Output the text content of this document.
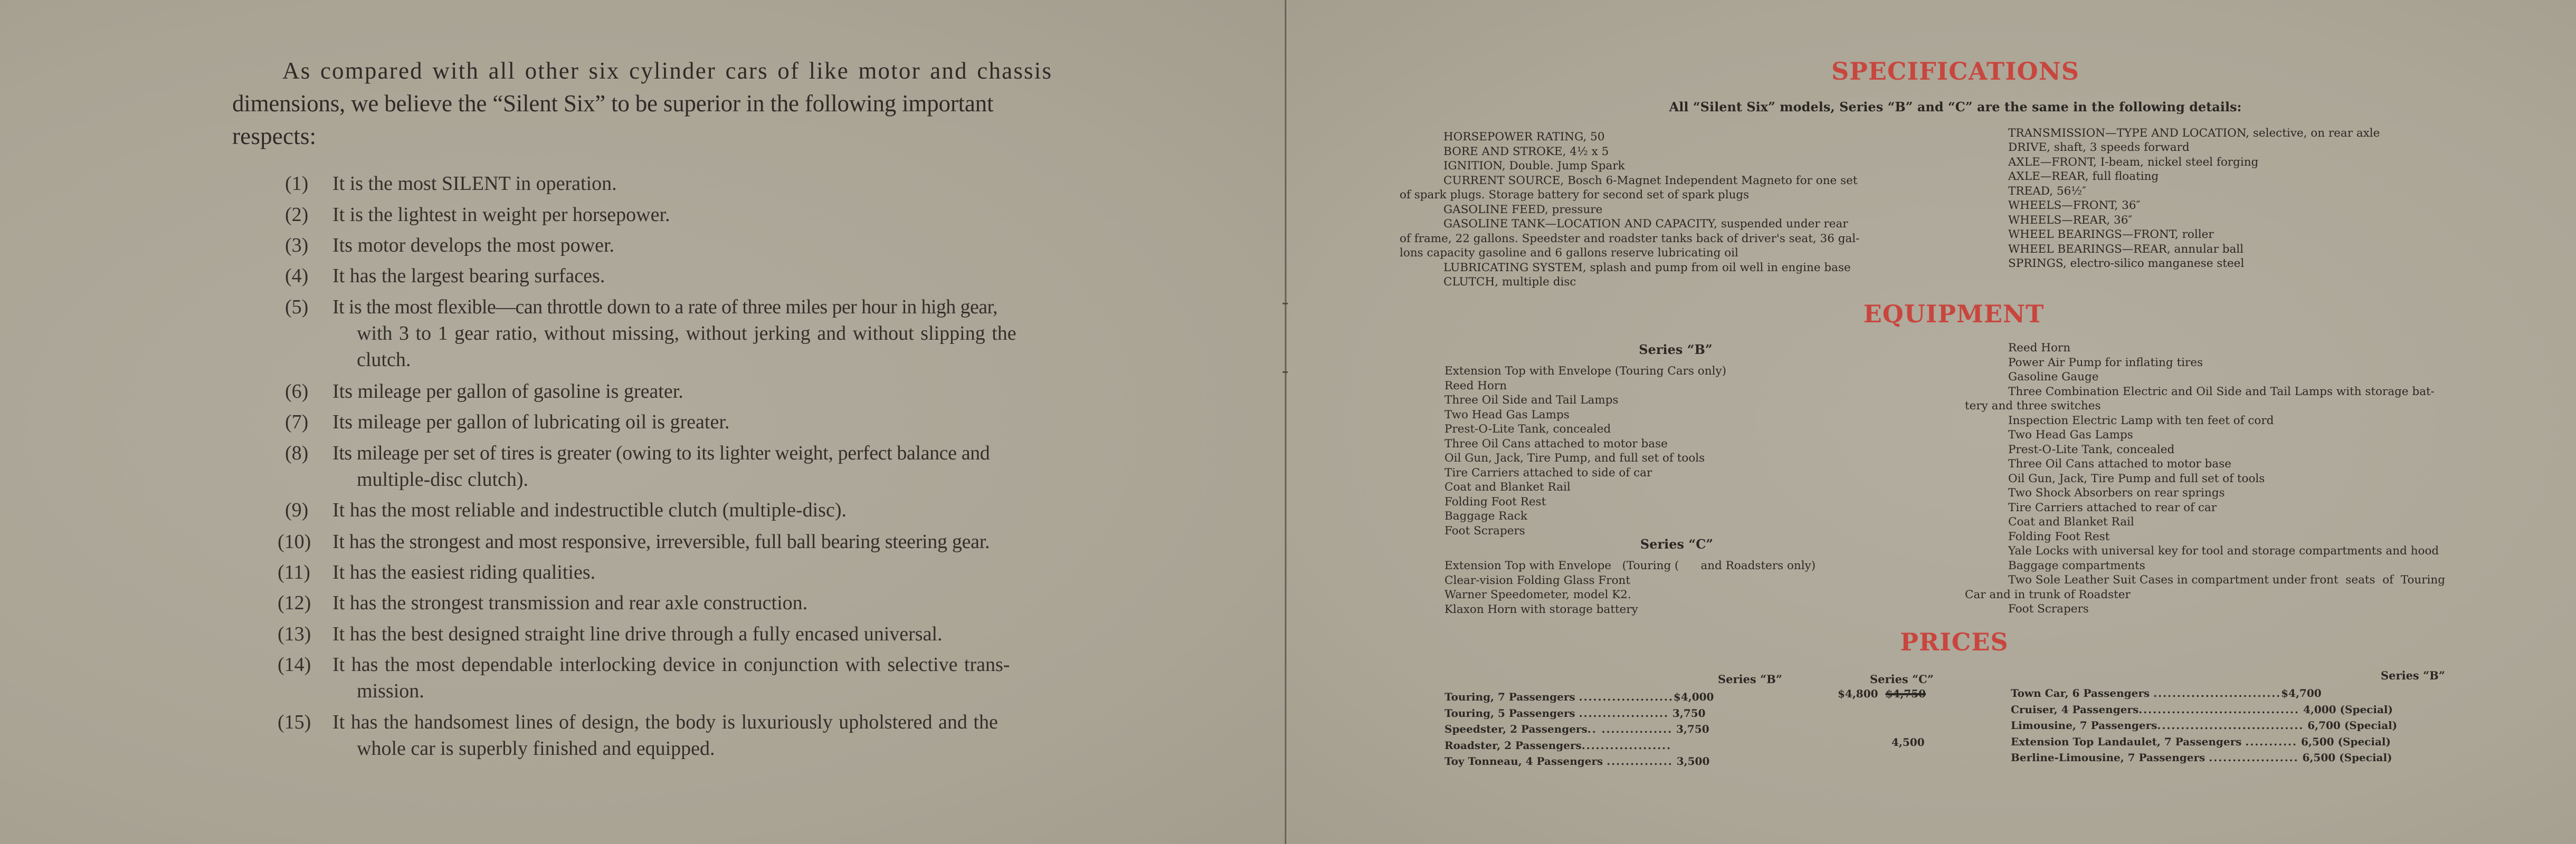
As compared with all other six cylinder cars of like motor and chassis
dimensions, we believe the “Silent Six” to be superior in the following important
respects:
(1) It is the most SILENT in operation.
(2) It is the lightest in weight per horsepower.
(3) Its motor develops the most power.
(4) It has the largest bearing surfaces.
(5) It is the most flexible—can throttle down to a rate of three miles per hour in high gear,
with 3 to 1 gear ratio, without missing, without jerking and without slipping the
clutch.
(6) Its mileage per gallon of gasoline is greater.
(7) Its mileage per gallon of lubricating oil is greater.
(8) Its mileage per set of tires is greater (owing to its lighter weight, perfect balance and
multiple-disc clutch).
(9) It has the most reliable and indestructible clutch (multiple-disc).
(10) It has the strongest and most responsive, irreversible, full ball bearing steering gear.
(11) It has the easiest riding qualities.
(12) It has the strongest transmission and rear axle construction.
(13) It has the best designed straight line drive through a fully encased universal.
(14) It has the most dependable interlocking device in conjunction with selective trans-
mission.
(15) It has the handsomest lines of design, the body is luxuriously upholstered and the
whole car is superbly finished and equipped.
SPECIFICATIONS
All “Silent Six” models, Series “B” and “C” are the same in the following details:
HORSEPOWER RATING, 50
BORE AND STROKE, 4½ x 5
IGNITION, Double. Jump Spark
CURRENT SOURCE, Bosch 6-Magnet Independent Magneto for one set
of spark plugs. Storage battery for second set of spark plugs
GASOLINE FEED, pressure
GASOLINE TANK—LOCATION AND CAPACITY, suspended under rear
of frame, 22 gallons. Speedster and roadster tanks back of driver's seat, 36 gal-
lons capacity gasoline and 6 gallons reserve lubricating oil
LUBRICATING SYSTEM, splash and pump from oil well in engine base
CLUTCH, multiple disc
TRANSMISSION—TYPE AND LOCATION, selective, on rear axle
DRIVE, shaft, 3 speeds forward
AXLE—FRONT, I-beam, nickel steel forging
AXLE—REAR, full floating
TREAD, 56½″
WHEELS—FRONT, 36″
WHEELS—REAR, 36″
WHEEL BEARINGS—FRONT, roller
WHEEL BEARINGS—REAR, annular ball
SPRINGS, electro-silico manganese steel
EQUIPMENT
Series “B”
Extension Top with Envelope (Touring Cars only)
Reed Horn
Three Oil Side and Tail Lamps
Two Head Gas Lamps
Prest-O-Lite Tank, concealed
Three Oil Cans attached to motor base
Oil Gun, Jack, Tire Pump, and full set of tools
Tire Carriers attached to side of car
Coat and Blanket Rail
Folding Foot Rest
Baggage Rack
Foot Scrapers
Series “C”
Extension Top with Envelope   (Touring (      and Roadsters only)
Clear-vision Folding Glass Front
Warner Speedometer, model K2.
Klaxon Horn with storage battery
Reed Horn
Power Air Pump for inflating tires
Gasoline Gauge
Three Combination Electric and Oil Side and Tail Lamps with storage bat-
tery and three switches
Inspection Electric Lamp with ten feet of cord
Two Head Gas Lamps
Prest-O-Lite Tank, concealed
Three Oil Cans attached to motor base
Oil Gun, Jack, Tire Pump and full set of tools
Two Shock Absorbers on rear springs
Tire Carriers attached to rear of car
Coat and Blanket Rail
Folding Foot Rest
Yale Locks with universal key for tool and storage compartments and hood
Baggage compartments
Two Sole Leather Suit Cases in compartment under front  seats  of  Touring
Car and in trunk of Roadster
Foot Scrapers
PRICES
Series “B”	Series “C”
Touring, 7 Passengers ....................$4,000	$4,800 $4,750
Touring, 5 Passengers ................... 3,750
Speedster, 2 Passengers.. ............... 3,750
Roadster, 2 Passengers...................	4,500
Toy Tonneau, 4 Passengers .............. 3,500
Series “B”
Town Car, 6 Passengers ...........................$4,700
Cruiser, 4 Passengers.................................. 4,000 (Special)
Limousine, 7 Passengers............................... 6,700 (Special)
Extension Top Landaulet, 7 Passengers ........... 6,500 (Special)
Berline-Limousine, 7 Passengers ................... 6,500 (Special)
